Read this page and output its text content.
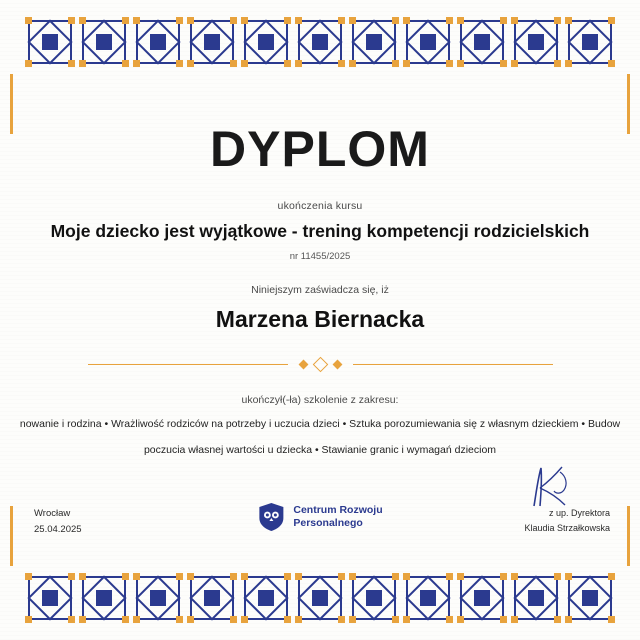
DYPLOM
ukończenia kursu
Moje dziecko jest wyjątkowe - trening kompetencji rodzicielskich
nr 11455/2025
Niniejszym zaświadcza się, iż
Marzena Biernacka
ukończył(-ła) szkolenie z zakresu:
nowanie i rodzina • Wrażliwość rodziców na potrzeby i uczucia dzieci • Sztuka porozumiewania się z własnym dzieckiem • Budow
poczucia własnej wartości u dziecka • Stawianie granic i wymagań dzieciom
Wrocław
25.04.2025
Centrum Rozwoju
Personalnego
z up. Dyrektora
Klaudia Strzałkowska
